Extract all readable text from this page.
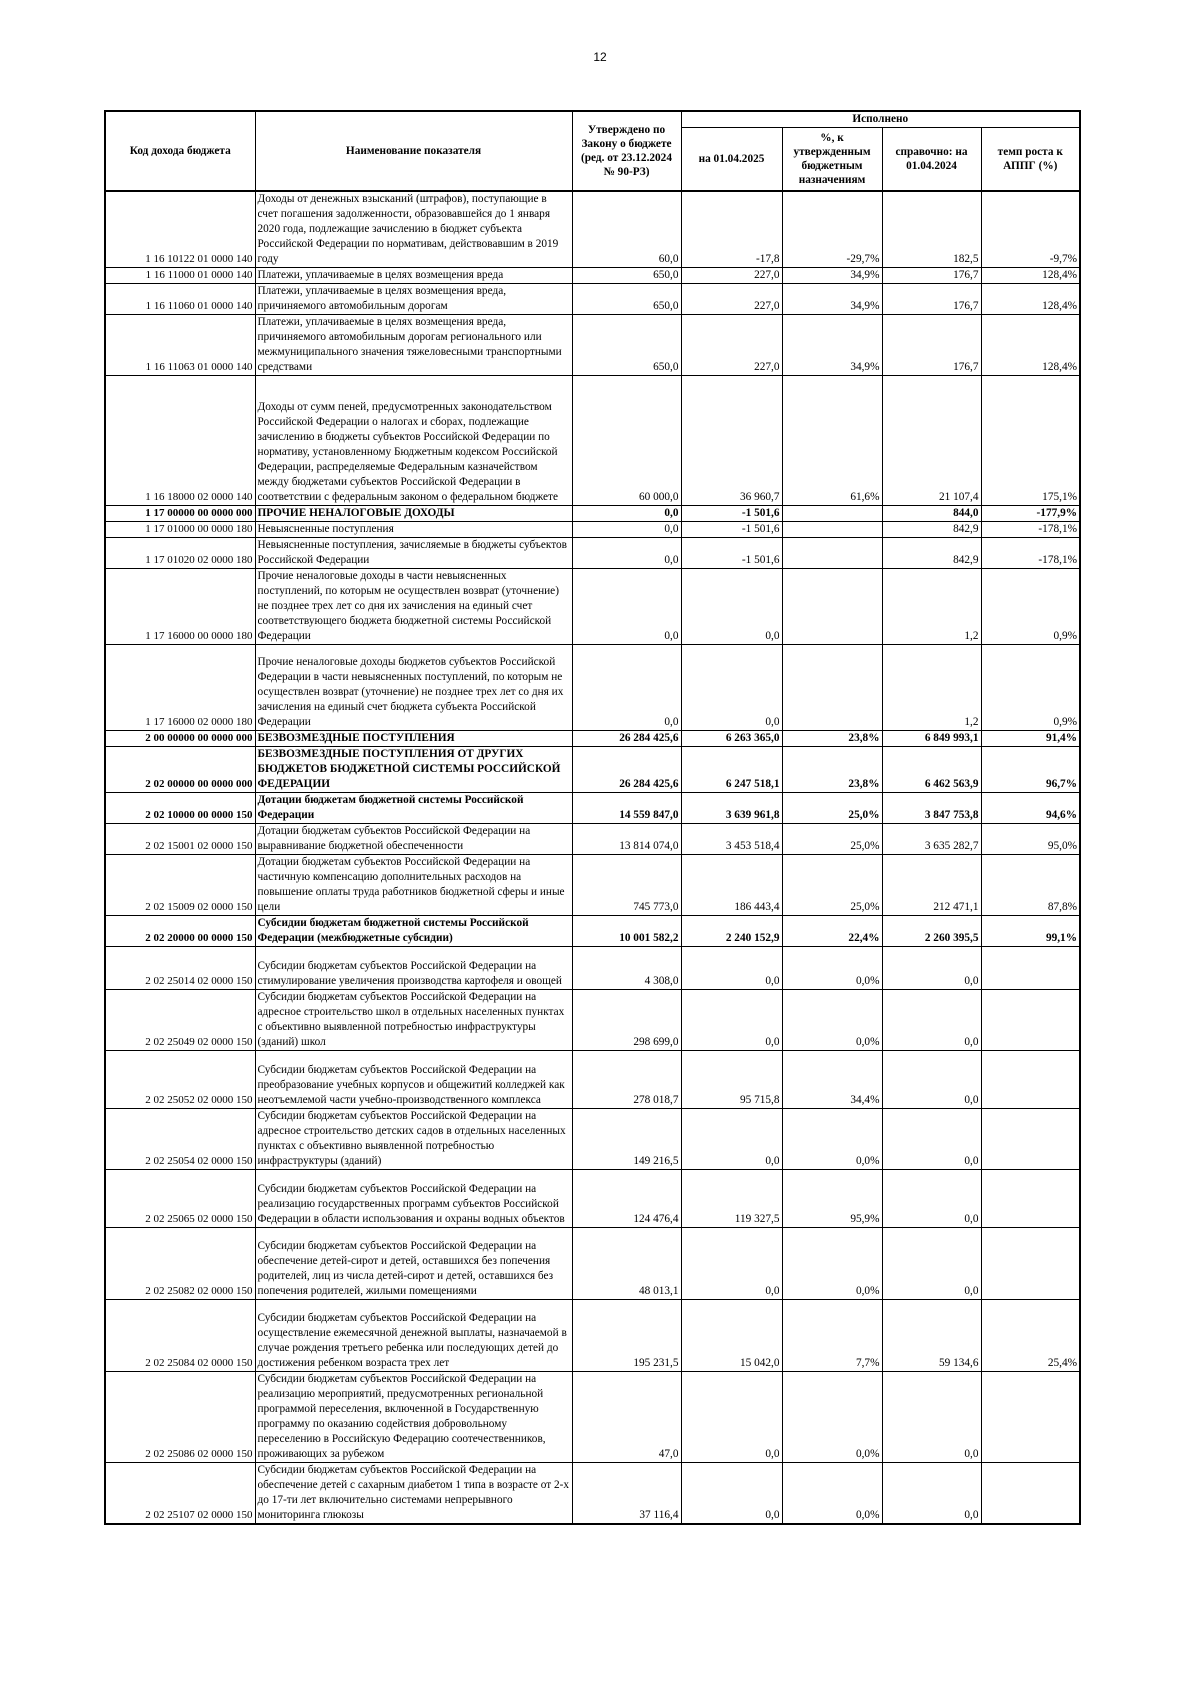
12
Код дохода бюджета	Наименование показателя	Утверждено по Закону о бюджете (ред. от 23.12.2024 № 90-РЗ)	Исполнено			
			на 01.04.2025	%, к утвержденным бюджетным назначениям	справочно: на 01.04.2024	темп роста к АППГ (%)
1 16 10122 01 0000 140	Доходы от денежных взысканий (штрафов), поступающие в счет погашения задолженности, образовавшейся до 1 января 2020 года, подлежащие зачислению в бюджет субъекта Российской Федерации по нормативам, действовавшим в 2019 году	60,0	-17,8	-29,7%	182,5	-9,7%
1 16 11000 01 0000 140	Платежи, уплачиваемые в целях возмещения вреда	650,0	227,0	34,9%	176,7	128,4%
1 16 11060 01 0000 140	Платежи, уплачиваемые в целях возмещения вреда, причиняемого автомобильным дорогам	650,0	227,0	34,9%	176,7	128,4%
1 16 11063 01 0000 140	Платежи, уплачиваемые в целях возмещения вреда, причиняемого автомобильным дорогам регионального или межмуниципального значения тяжеловесными транспортными средствами	650,0	227,0	34,9%	176,7	128,4%
1 16 18000 02 0000 140	Доходы от сумм пеней, предусмотренных законодательством Российской Федерации о налогах и сборах, подлежащие зачислению в бюджеты субъектов Российской Федерации по нормативу, установленному Бюджетным кодексом Российской Федерации, распределяемые Федеральным казначейством между бюджетами субъектов Российской Федерации в соответствии с федеральным законом о федеральном бюджете	60 000,0	36 960,7	61,6%	21 107,4	175,1%
1 17 00000 00 0000 000	ПРОЧИЕ НЕНАЛОГОВЫЕ ДОХОДЫ	0,0	-1 501,6		844,0	-177,9%
1 17 01000 00 0000 180	Невыясненные поступления	0,0	-1 501,6		842,9	-178,1%
1 17 01020 02 0000 180	Невыясненные поступления, зачисляемые в бюджеты субъектов Российской Федерации	0,0	-1 501,6		842,9	-178,1%
1 17 16000 00 0000 180	Прочие неналоговые доходы в части невыясненных поступлений, по которым не осуществлен возврат (уточнение) не позднее трех лет со дня их зачисления на единый счет соответствующего бюджета бюджетной системы Российской Федерации	0,0	0,0		1,2	0,9%
1 17 16000 02 0000 180	Прочие неналоговые доходы бюджетов субъектов Российской Федерации в части невыясненных поступлений, по которым не осуществлен возврат (уточнение) не позднее трех лет со дня их зачисления на единый счет бюджета субъекта Российской Федерации	0,0	0,0		1,2	0,9%
2 00 00000 00 0000 000	БЕЗВОЗМЕЗДНЫЕ ПОСТУПЛЕНИЯ	26 284 425,6	6 263 365,0	23,8%	6 849 993,1	91,4%
2 02 00000 00 0000 000	БЕЗВОЗМЕЗДНЫЕ ПОСТУПЛЕНИЯ ОТ ДРУГИХ БЮДЖЕТОВ БЮДЖЕТНОЙ СИСТЕМЫ РОССИЙСКОЙ ФЕДЕРАЦИИ	26 284 425,6	6 247 518,1	23,8%	6 462 563,9	96,7%
2 02 10000 00 0000 150	Дотации бюджетам бюджетной системы Российской Федерации	14 559 847,0	3 639 961,8	25,0%	3 847 753,8	94,6%
2 02 15001 02 0000 150	Дотации бюджетам субъектов Российской Федерации на выравнивание бюджетной обеспеченности	13 814 074,0	3 453 518,4	25,0%	3 635 282,7	95,0%
2 02 15009 02 0000 150	Дотации бюджетам субъектов Российской Федерации на частичную компенсацию дополнительных расходов на повышение оплаты труда работников бюджетной сферы и иные цели	745 773,0	186 443,4	25,0%	212 471,1	87,8%
2 02 20000 00 0000 150	Субсидии бюджетам бюджетной системы Российской Федерации (межбюджетные субсидии)	10 001 582,2	2 240 152,9	22,4%	2 260 395,5	99,1%
2 02 25014 02 0000 150	Субсидии бюджетам субъектов Российской Федерации на стимулирование увеличения производства картофеля и овощей	4 308,0	0,0	0,0%	0,0	
2 02 25049 02 0000 150	Субсидии бюджетам субъектов Российской Федерации на адресное строительство школ в отдельных населенных пунктах с объективно выявленной потребностью инфраструктуры (зданий) школ	298 699,0	0,0	0,0%	0,0	
2 02 25052 02 0000 150	Субсидии бюджетам субъектов Российской Федерации на преобразование учебных корпусов и общежитий колледжей как неотъемлемой части учебно-производственного комплекса	278 018,7	95 715,8	34,4%	0,0	
2 02 25054 02 0000 150	Субсидии бюджетам субъектов Российской Федерации на адресное строительство детских садов в отдельных населенных пунктах с объективно выявленной потребностью инфраструктуры (зданий)	149 216,5	0,0	0,0%	0,0	
2 02 25065 02 0000 150	Субсидии бюджетам субъектов Российской Федерации на реализацию государственных программ субъектов Российской Федерации в области использования и охраны водных объектов	124 476,4	119 327,5	95,9%	0,0	
2 02 25082 02 0000 150	Субсидии бюджетам субъектов Российской Федерации на обеспечение детей-сирот и детей, оставшихся без попечения родителей, лиц из числа детей-сирот и детей, оставшихся без попечения родителей, жилыми помещениями	48 013,1	0,0	0,0%	0,0	
2 02 25084 02 0000 150	Субсидии бюджетам субъектов Российской Федерации на осуществление ежемесячной денежной выплаты, назначаемой в случае рождения третьего ребенка или последующих детей до достижения ребенком возраста трех лет	195 231,5	15 042,0	7,7%	59 134,6	25,4%
2 02 25086 02 0000 150	Субсидии бюджетам субъектов Российской Федерации на реализацию мероприятий, предусмотренных региональной программой переселения, включенной в Государственную программу по оказанию содействия добровольному переселению в Российскую Федерацию соотечественников, проживающих за рубежом	47,0	0,0	0,0%	0,0	
2 02 25107 02 0000 150	Субсидии бюджетам субъектов Российской Федерации на обеспечение детей с сахарным диабетом 1 типа в возрасте от 2-х до 17-ти лет включительно системами непрерывного мониторинга глюкозы	37 116,4	0,0	0,0%	0,0	
